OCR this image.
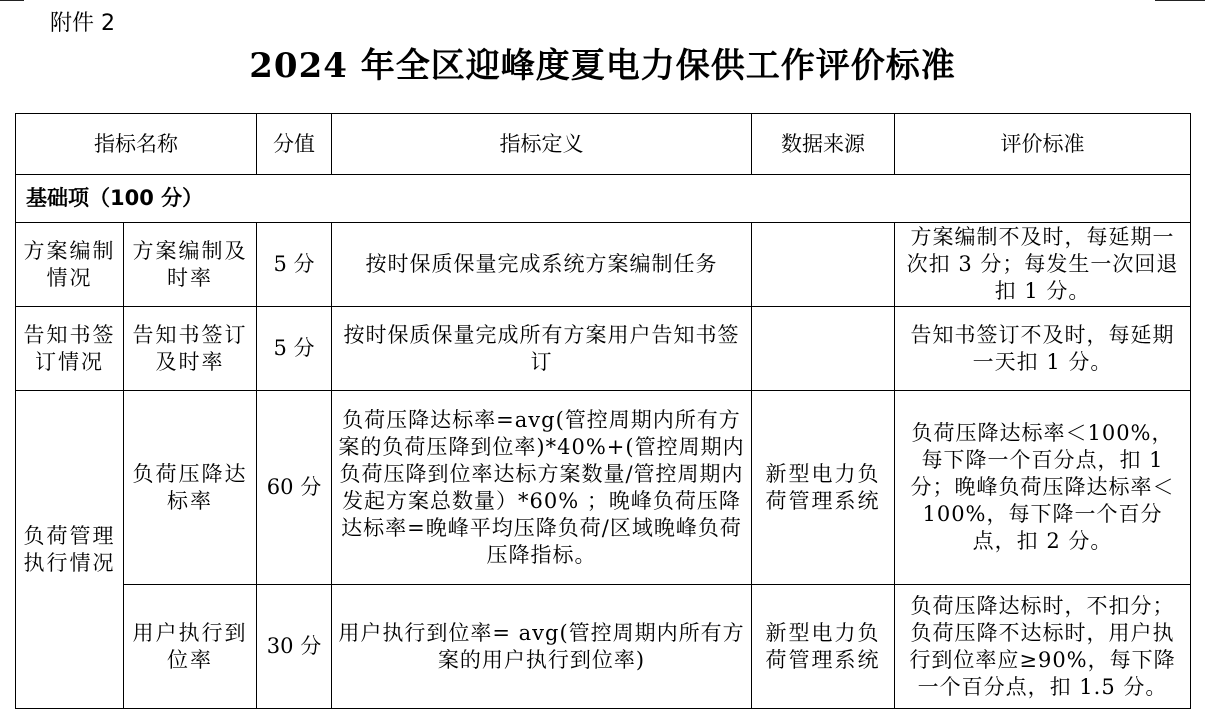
附件 2
2024 年全区迎峰度夏电力保供工作评价标准
指标名称		分值	指标定义	数据来源	评价标准
基础项（100 分）					
方案编制情况	方案编制及时率	5 分	按时保质保量完成系统方案编制任务		方案编制不及时，每延期一次扣 3 分；每发生一次回退扣 1 分。
告知书签订情况	告知书签订及时率	5 分	按时保质保量完成所有方案用户告知书签订		告知书签订不及时，每延期一天扣 1 分。
负荷管理执行情况	负荷压降达标率	60 分	负荷压降达标率=avg(管控周期内所有方案的负荷压降到位率)*40%+(管控周期内负荷压降到位率达标方案数量/管控周期内发起方案总数量）*60% ；晚峰负荷压降达标率=晚峰平均压降负荷/区域晚峰负荷压降指标。	新型电力负荷管理系统	负荷压降达标率＜100%，每下降一个百分点，扣 1 分；晚峰负荷压降达标率＜100%，每下降一个百分点，扣 2 分。
	用户执行到位率	30 分	用户执行到位率= avg(管控周期内所有方案的用户执行到位率)	新型电力负荷管理系统	负荷压降达标时，不扣分；负荷压降不达标时，用户执行到位率应≥90%，每下降一个百分点，扣 1.5 分。
